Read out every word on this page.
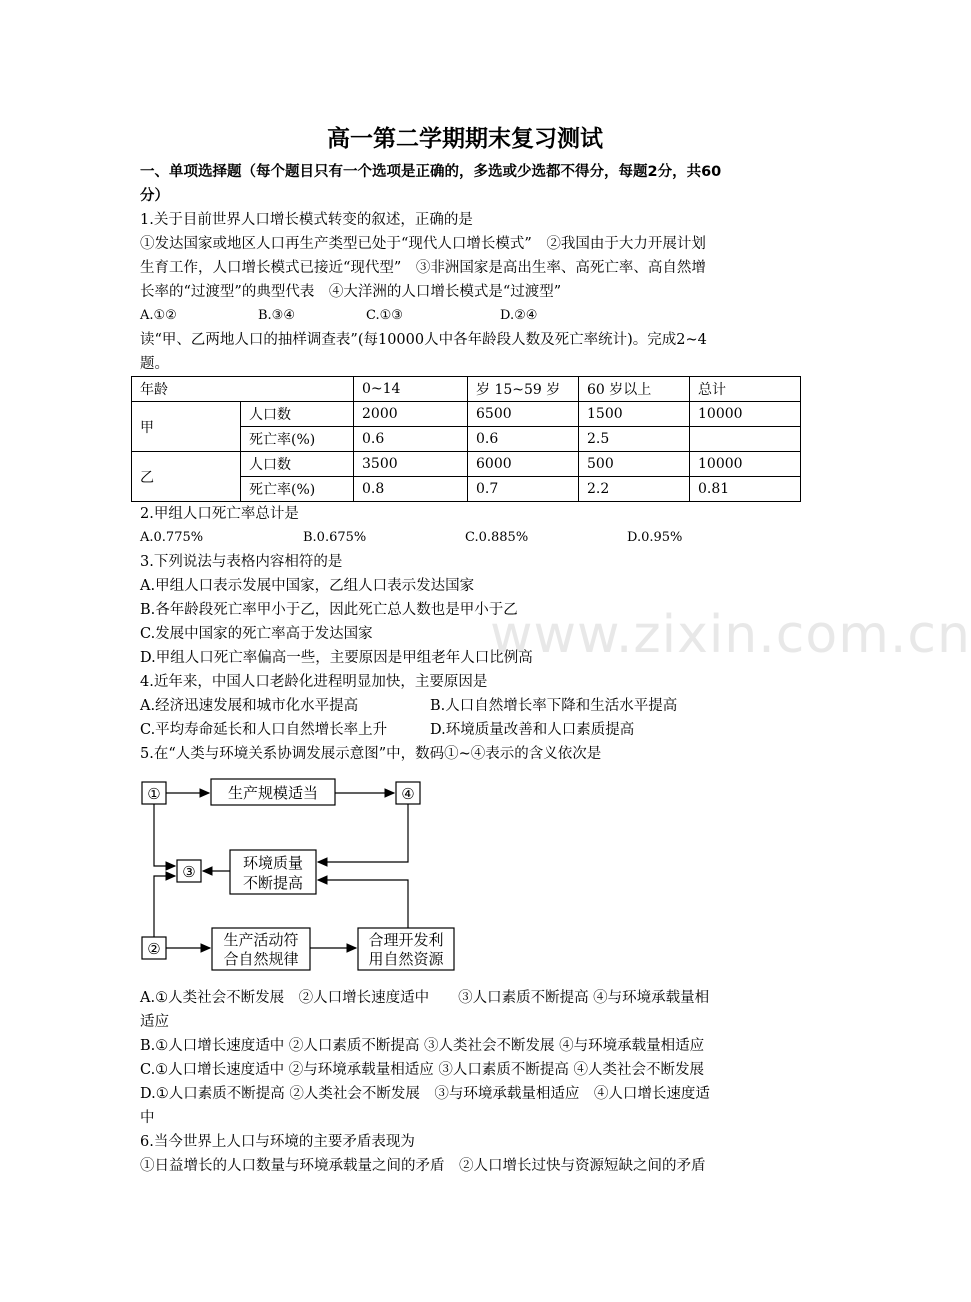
www.zixin.com.cn
高一第二学期期末复习测试
一、单项选择题（每个题目只有一个选项是正确的，多选或少选都不得分，每题2分，共60
分）
1.关于目前世界人口增长模式转变的叙述，正确的是
①发达国家或地区人口再生产类型已处于“现代人口增长模式”　②我国由于大力开展计划
生育工作，人口增长模式已接近“现代型”　③非洲国家是高出生率、高死亡率、高自然增
长率的“过渡型”的典型代表　④大洋洲的人口增长模式是“过渡型”
A.①②	B.③④	C.①③	D.②④
读“甲、乙两地人口的抽样调查表”(每10000人中各年龄段人数及死亡率统计)。完成2~4
题。
2.甲组人口死亡率总计是
A.0.775%	B.0.675%	C.0.885%	D.0.95%
3.下列说法与表格内容相符的是
A.甲组人口表示发展中国家，乙组人口表示发达国家
B.各年龄段死亡率甲小于乙，因此死亡总人数也是甲小于乙
C.发展中国家的死亡率高于发达国家
D.甲组人口死亡率偏高一些，主要原因是甲组老年人口比例高
4.近年来，中国人口老龄化进程明显加快，主要原因是
A.经济迅速发展和城市化水平提高	B.人口自然增长率下降和生活水平提高
C.平均寿命延长和人口自然增长率上升	D.环境质量改善和人口素质提高
5.在“人类与环境关系协调发展示意图”中，数码①~④表示的含义依次是
A.①人类社会不断发展　②人口增长速度适中　　③人口素质不断提高 ④与环境承载量相
适应
B.①人口增长速度适中 ②人口素质不断提高 ③人类社会不断发展 ④与环境承载量相适应
C.①人口增长速度适中 ②与环境承载量相适应 ③人口素质不断提高 ④人类社会不断发展
D.①人口素质不断提高 ②人类社会不断发展　③与环境承载量相适应　④人口增长速度适
中
6.当今世界上人口与环境的主要矛盾表现为
①日益增长的人口数量与环境承载量之间的矛盾　②人口增长过快与资源短缺之间的矛盾
年龄		0~14	岁 15~59 岁	60 岁以上	总计
甲	人口数	2000	6500	1500	10000
	死亡率(%)	0.6	0.6	2.5	
乙	人口数	3500	6000	500	10000
	死亡率(%)	0.8	0.7	2.2	0.81
①	生产规模适当	④
③	环境质量
不断提高
②	生产活动符
合自然规律
合理开发利
用自然资源
